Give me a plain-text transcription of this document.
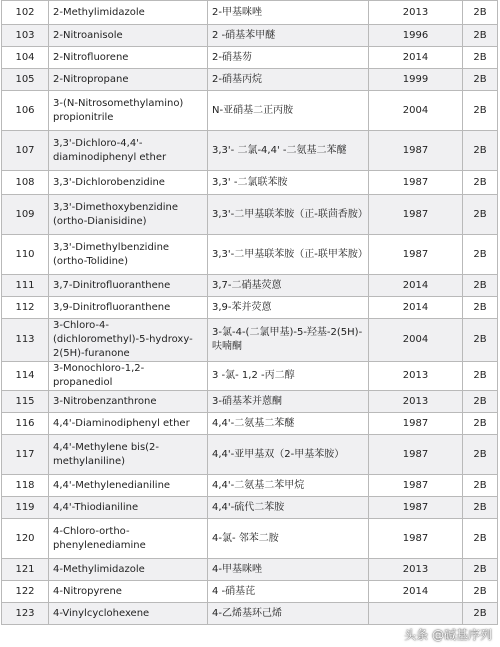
102	2-Methylimidazole	2-甲基咪唑	2013	2B
103	2-Nitroanisole	2 -硝基苯甲醚	1996	2B
104	2-Nitrofluorene	2-硝基芴	2014	2B
105	2-Nitropropane	2-硝基丙烷	1999	2B
106	3-(N-Nitrosomethylamino) propionitrile	N-亚硝基二正丙胺	2004	2B
107	3,3'-Dichloro-4,4'-diaminodiphenyl ether	3,3'- 二氯-4,4' -二氨基二苯醚	1987	2B
108	3,3'-Dichlorobenzidine	3,3' -二氯联苯胺	1987	2B
109	3,3'-Dimethoxybenzidine (ortho-Dianisidine)	3,3'-二甲基联苯胺（正-联茴香胺）	1987	2B
110	3,3'-Dimethylbenzidine (ortho-Tolidine)	3,3'-二甲基联苯胺（正-联甲苯胺）	1987	2B
111	3,7-Dinitrofluoranthene	3,7-二硝基荧蒽	2014	2B
112	3,9-Dinitrofluoranthene	3,9-苯并荧蒽	2014	2B
113	3-Chloro-4-(dichloromethyl)-5-hydroxy-2(5H)-furanone	3-氯-4-(二氯甲基)-5-羟基-2(5H)-呋喃酮	2004	2B
114	3-Monochloro-1,2-propanediol	3 -氯- 1,2 -丙二醇	2013	2B
115	3-Nitrobenzanthrone	3-硝基苯并蒽酮	2013	2B
116	4,4'-Diaminodiphenyl ether	4,4'-二氨基二苯醚	1987	2B
117	4,4'-Methylene bis(2-methylaniline)	4,4'-亚甲基双（2-甲基苯胺）	1987	2B
118	4,4'-Methylenedianiline	4,4'-二氨基二苯甲烷	1987	2B
119	4,4'-Thiodianiline	4,4'-硫代二苯胺	1987	2B
120	4-Chloro-ortho-phenylenediamine	4-氯- 邻苯二胺	1987	2B
121	4-Methylimidazole	4-甲基咪唑	2013	2B
122	4-Nitropyrene	4 -硝基芘	2014	2B
123	4-Vinylcyclohexene	4-乙烯基环己烯		2B
头条 @碱基序列
